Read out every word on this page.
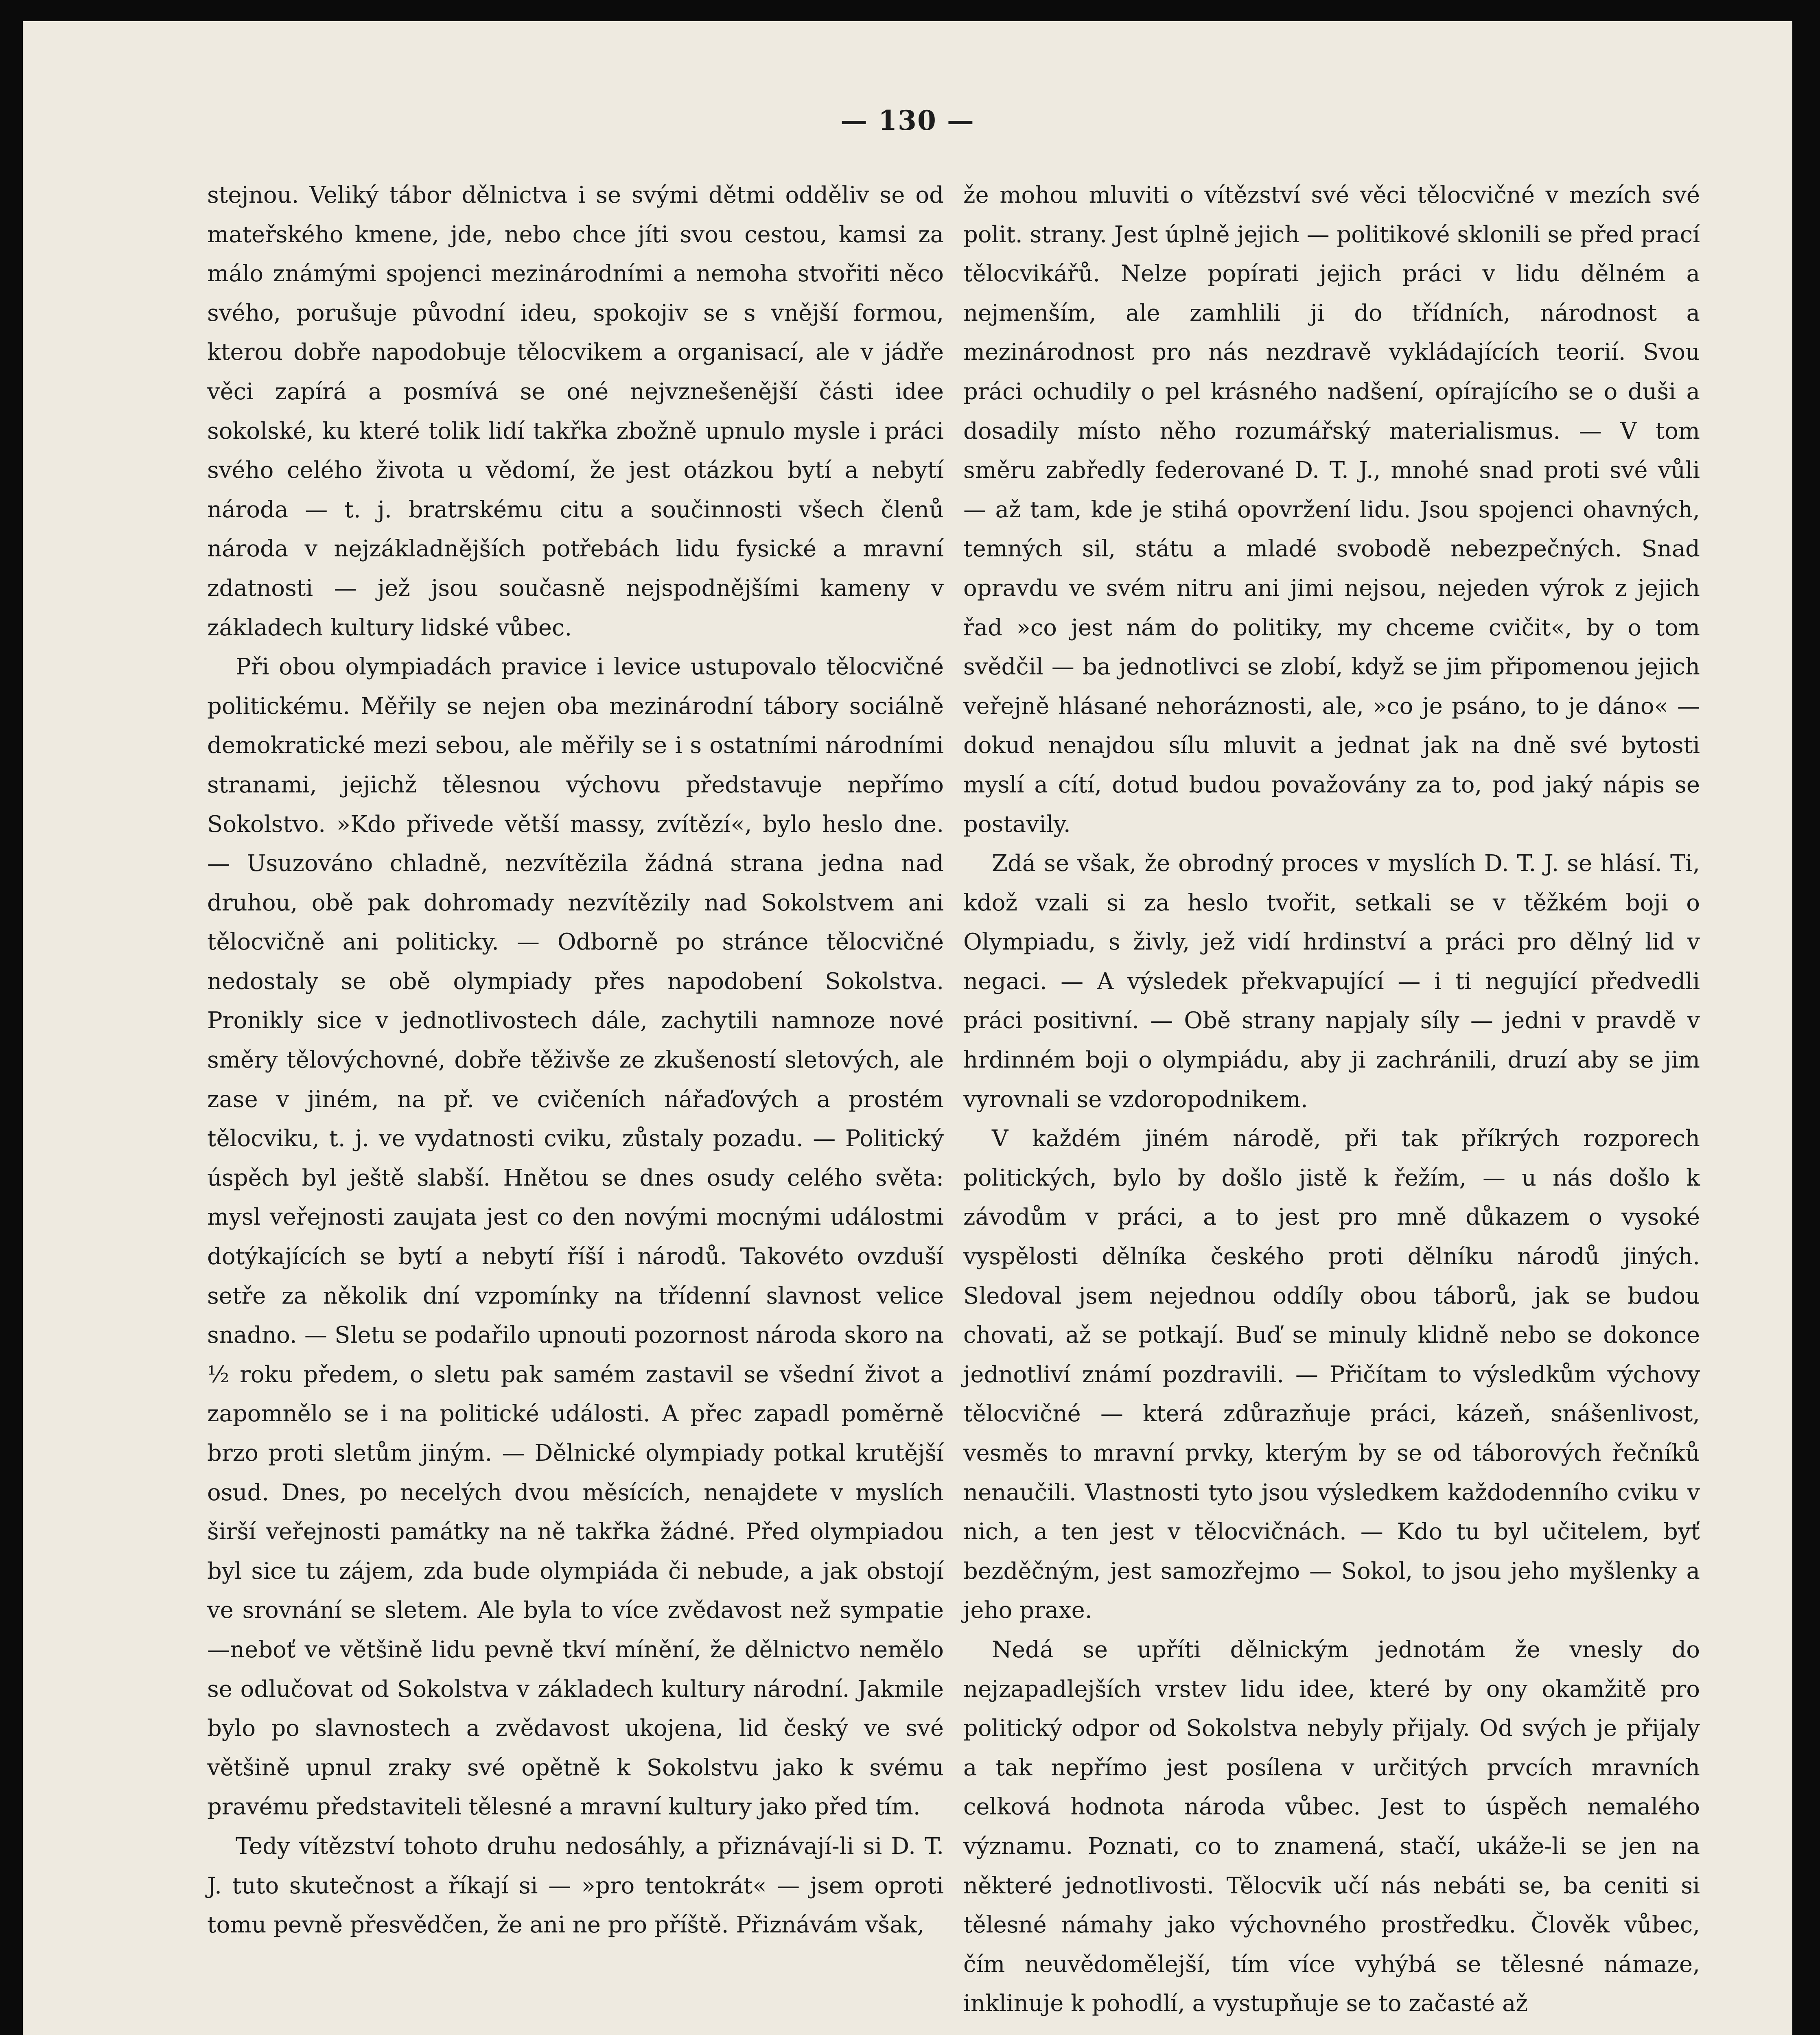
— 130 —

stejnou. Veliký tábor dělnictva i se svými dětmi odděliv se od mateřského kmene, jde, nebo chce jíti svou cestou, kamsi za málo známými spojenci mezinárodními a nemoha stvořiti něco svého, porušuje původní ideu, spokojiv se s vnější formou, kterou dobře napodobuje tělocvikem a organisací, ale v jádře věci zapírá a posmívá se oné nejvznešenější části idee sokolské, ku které tolik lidí takřka zbožně upnulo mysle i práci svého celého života u vědomí, že jest otázkou bytí a nebytí národa — t. j. bratrskému citu a součinnosti všech členů národa v nejzákladnějších potřebách lidu fysické a mravní zdatnosti — jež jsou současně nejspodnějšími kameny v základech kultury lidské vůbec.

Při obou olympiadách pravice i levice ustupovalo tělocvičné politickému. Měřily se nejen oba mezinárodní tábory sociálně demokratické mezi sebou, ale měřily se i s ostatními národními stranami, jejichž tělesnou výchovu představuje nepřímo Sokolstvo. »Kdo přivede větší massy, zvítězí«, bylo heslo dne. — Usuzováno chladně, nezvítězila žádná strana jedna nad druhou, obě pak dohromady nezvítězily nad Sokolstvem ani tělocvičně ani politicky. — Odborně po stránce tělocvičné nedostaly se obě olympiady přes napodobení Sokolstva. Pronikly sice v jednotlivostech dále, zachytili namnoze nové směry tělovýchovné, dobře těživše ze zkušeností sletových, ale zase v jiném, na př. ve cvičeních nářaďových a prostém tělocviku, t. j. ve vydatnosti cviku, zůstaly pozadu. — Politický úspěch byl ještě slabší. Hnětou se dnes osudy celého světa: mysl veřejnosti zaujata jest co den novými mocnými událostmi dotýkajících se bytí a nebytí říší i národů. Takovéto ovzduší setře za několik dní vzpomínky na třídenní slavnost velice snadno. — Sletu se podařilo upnouti pozornost národa skoro na ½ roku předem, o sletu pak samém zastavil se všední život a zapomnělo se i na politické události. A přec zapadl poměrně brzo proti sletům jiným. — Dělnické olympiady potkal krutější osud. Dnes, po necelých dvou měsících, nenajdete v myslích širší veřejnosti památky na ně takřka žádné. Před olympiadou byl sice tu zájem, zda bude olympiáda či nebude, a jak obstojí ve srovnání se sletem. Ale byla to více zvědavost než sympatie —neboť ve většině lidu pevně tkví mínění, že dělnictvo nemělo se odlučovat od Sokolstva v základech kultury národní. Jakmile bylo po slavnostech a zvědavost ukojena, lid český ve své většině upnul zraky své opětně k Sokolstvu jako k svému pravému představiteli tělesné a mravní kultury jako před tím.

Tedy vítězství tohoto druhu nedosáhly, a přiznávají-li si D. T. J. tuto skutečnost a říkají si — »pro tentokrát« — jsem oproti tomu pevně přesvědčen, že ani ne pro příště. Přiznávám však,

že mohou mluviti o vítězství své věci tělocvičné v mezích své polit. strany. Jest úplně jejich — politikové sklonili se před prací tělocvikářů. Nelze popírati jejich práci v lidu dělném a nejmenším, ale zamhlili ji do třídních, národnost a mezinárodnost pro nás nezdravě vykládajících teorií. Svou práci ochudily o pel krásného nadšení, opírajícího se o duši a dosadily místo něho rozumářský materialismus. — V tom směru zabředly federované D. T. J., mnohé snad proti své vůli — až tam, kde je stihá opovržení lidu. Jsou spojenci ohavných, temných sil, státu a mladé svobodě nebezpečných. Snad opravdu ve svém nitru ani jimi nejsou, nejeden výrok z jejich řad »co jest nám do politiky, my chceme cvičit«, by o tom svědčil — ba jednotlivci se zlobí, když se jim připomenou jejich veřejně hlásané nehoráznosti, ale, »co je psáno, to je dáno« — dokud nenajdou sílu mluvit a jednat jak na dně své bytosti myslí a cítí, dotud budou považovány za to, pod jaký nápis se postavily.

Zdá se však, že obrodný proces v myslích D. T. J. se hlásí. Ti, kdož vzali si za heslo tvořit, setkali se v těžkém boji o Olympiadu, s živly, jež vidí hrdinství a práci pro dělný lid v negaci. — A výsledek překvapující — i ti negující předvedli práci positivní. — Obě strany napjaly síly — jedni v pravdě v hrdinném boji o olympiádu, aby ji zachránili, druzí aby se jim vyrovnali se vzdoropodnikem.

V každém jiném národě, při tak příkrých rozporech politických, bylo by došlo jistě k řežím, — u nás došlo k závodům v práci, a to jest pro mně důkazem o vysoké vyspělosti dělníka českého proti dělníku národů jiných. Sledoval jsem nejednou oddíly obou táborů, jak se budou chovati, až se potkají. Buď se minuly klidně nebo se dokonce jednotliví známí pozdravili. — Přičítam to výsledkům výchovy tělocvičné — která zdůrazňuje práci, kázeň, snášenlivost, vesměs to mravní prvky, kterým by se od táborových řečníků nenaučili. Vlastnosti tyto jsou výsledkem každodenního cviku v nich, a ten jest v tělocvičnách. — Kdo tu byl učitelem, byť bezděčným, jest samozřejmo — Sokol, to jsou jeho myšlenky a jeho praxe.

Nedá se upříti dělnickým jednotám že vnesly do nejzapadlejších vrstev lidu idee, které by ony okamžitě pro politický odpor od Sokolstva nebyly přijaly. Od svých je přijaly a tak nepřímo jest posílena v určitých prvcích mravních celková hodnota národa vůbec. Jest to úspěch nemalého významu. Poznati, co to znamená, stačí, ukáže-li se jen na některé jednotlivosti. Tělocvik učí nás nebáti se, ba ceniti si tělesné námahy jako výchovného prostředku. Člověk vůbec, čím neuvědomělejší, tím více vyhýbá se tělesné námaze, inklinuje k pohodlí, a vystupňuje se to začasté až
